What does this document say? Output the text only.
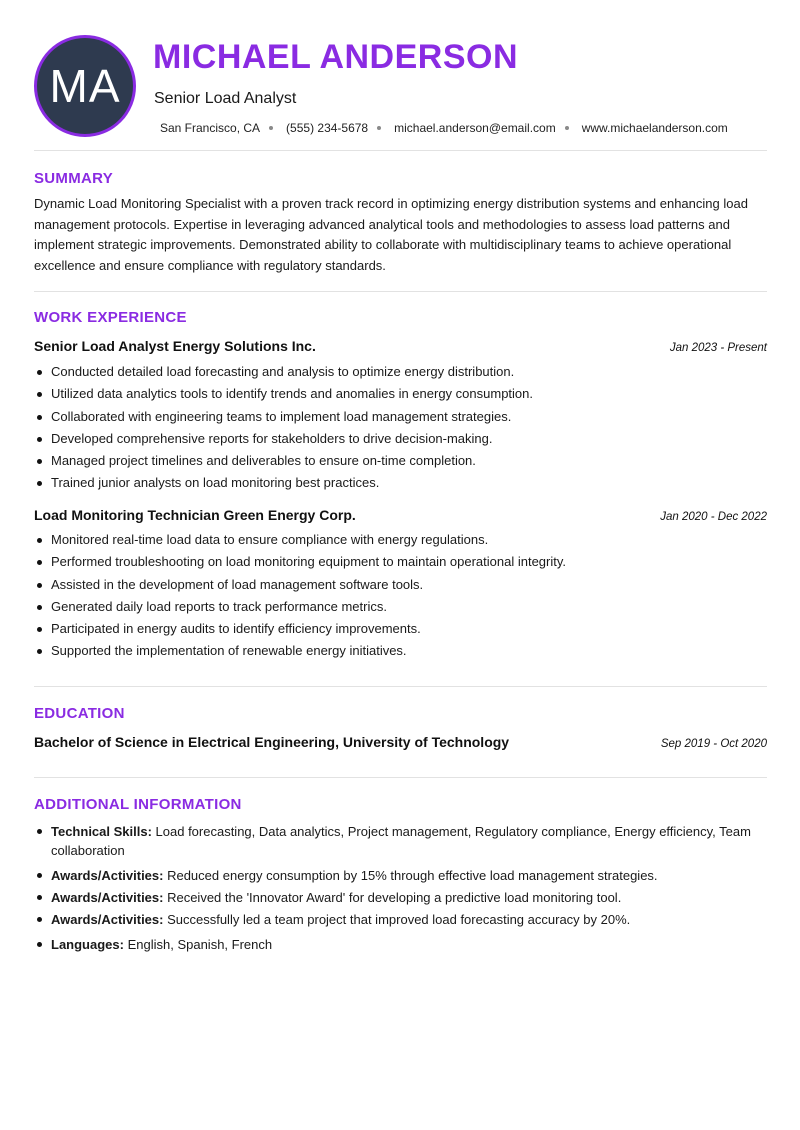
MA
MICHAEL ANDERSON
Senior Load Analyst
San Francisco, CA (555) 234-5678 michael.anderson@email.com www.michaelanderson.com
SUMMARY

Dynamic Load Monitoring Specialist with a proven track record in optimizing energy distribution systems and enhancing load management protocols. Expertise in leveraging advanced analytical tools and methodologies to assess load patterns and implement strategic improvements. Demonstrated ability to collaborate with multidisciplinary teams to achieve operational excellence and ensure compliance with regulatory standards.

WORK EXPERIENCE
Senior Load Analyst Energy Solutions Inc.	Jan 2023 - Present
Conducted detailed load forecasting and analysis to optimize energy distribution.
Utilized data analytics tools to identify trends and anomalies in energy consumption.
Collaborated with engineering teams to implement load management strategies.
Developed comprehensive reports for stakeholders to drive decision-making.
Managed project timelines and deliverables to ensure on-time completion.
Trained junior analysts on load monitoring best practices.
Load Monitoring Technician Green Energy Corp.	Jan 2020 - Dec 2022
Monitored real-time load data to ensure compliance with energy regulations.
Performed troubleshooting on load monitoring equipment to maintain operational integrity.
Assisted in the development of load management software tools.
Generated daily load reports to track performance metrics.
Participated in energy audits to identify efficiency improvements.
Supported the implementation of renewable energy initiatives.
EDUCATION
Bachelor of Science in Electrical Engineering, University of Technology	Sep 2019 - Oct 2020
ADDITIONAL INFORMATION
Technical Skills: Load forecasting, Data analytics, Project management, Regulatory compliance, Energy efficiency, Team collaboration
Awards/Activities: Reduced energy consumption by 15% through effective load management strategies.
Awards/Activities: Received the 'Innovator Award' for developing a predictive load monitoring tool.
Awards/Activities: Successfully led a team project that improved load forecasting accuracy by 20%.
Languages: English, Spanish, French
